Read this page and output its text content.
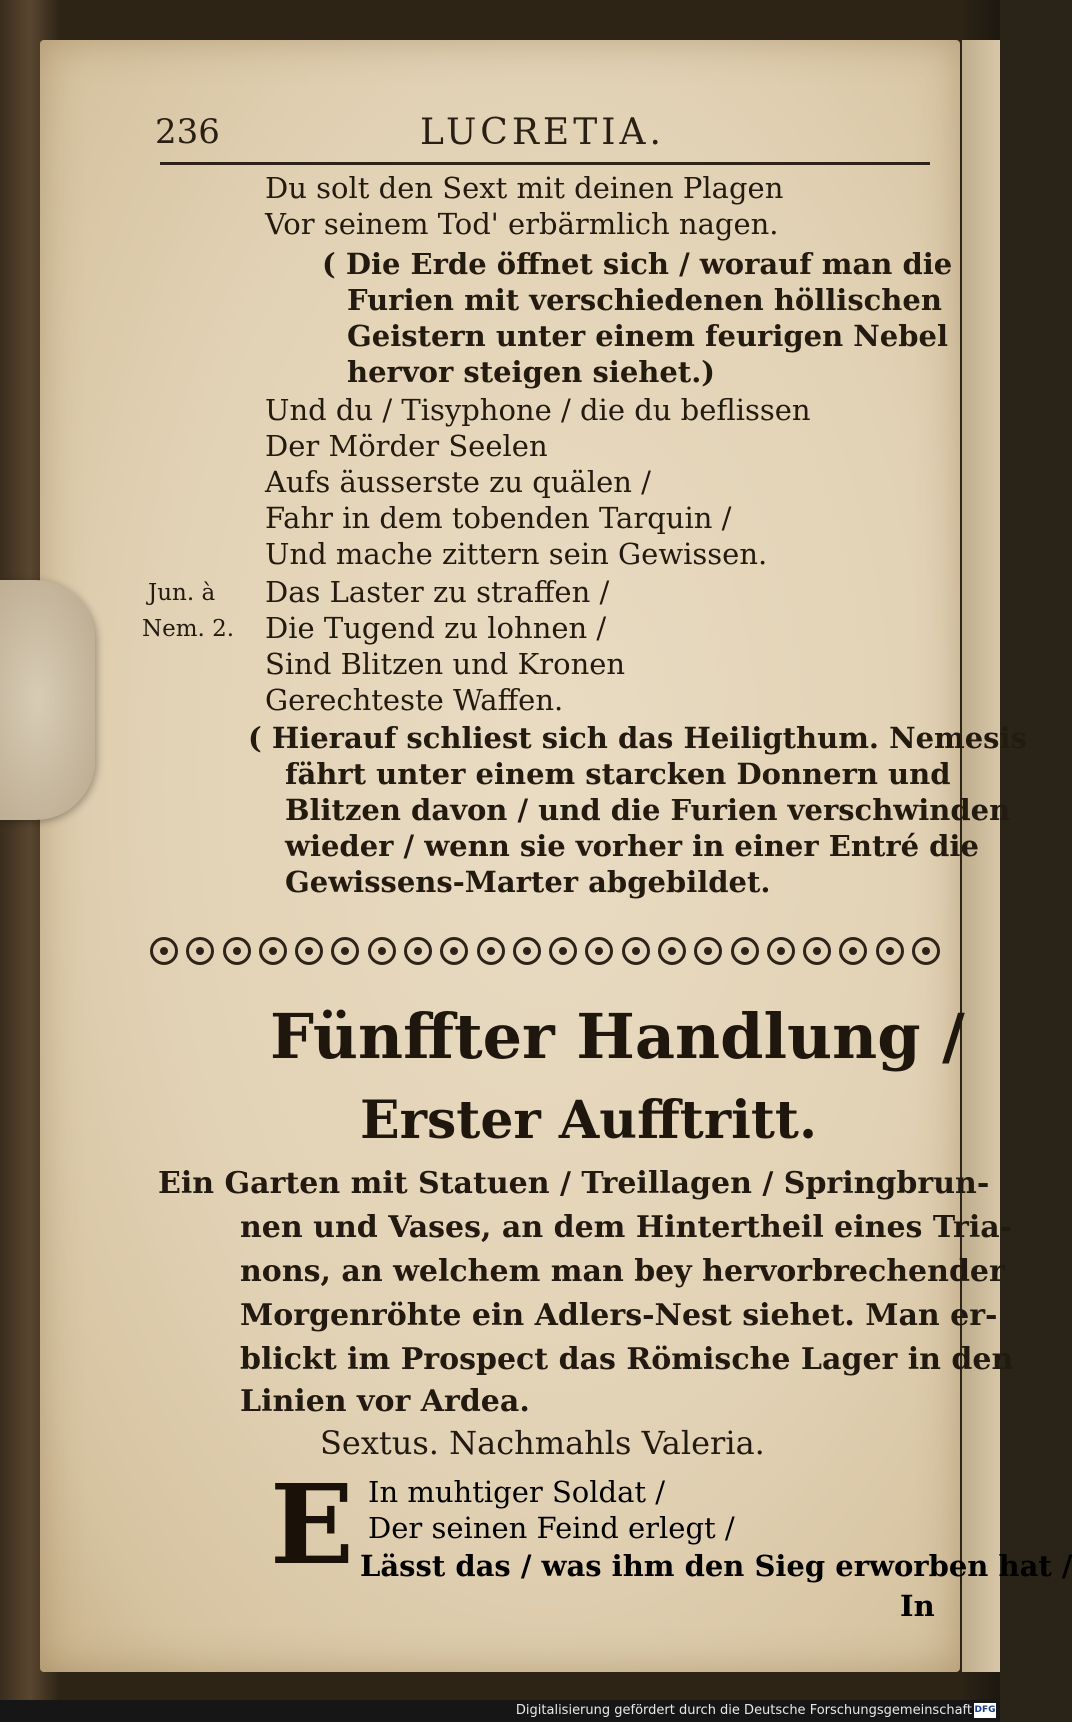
236	LUCRETIA.
Du solt den Sext mit deinen Plagen
Vor seinem Tod' erbärmlich nagen.
( Die Erde öffnet sich / worauf man die
Furien mit verschiedenen höllischen
Geistern unter einem feurigen Nebel
hervor steigen siehet.)
Und du / Tisyphone / die du beflissen
Der Mörder Seelen
Aufs äusserste zu quälen /
Fahr in dem tobenden Tarquin /
Und mache zittern sein Gewissen.
Das Laster zu straffen /
Die Tugend zu lohnen /
Sind Blitzen und Kronen
Gerechteste Waffen.
( Hierauf schliest sich das Heiligthum. Nemesis
fährt unter einem starcken Donnern und
Blitzen davon / und die Furien verschwinden
wieder / wenn sie vorher in einer Entré die
Gewissens-Marter abgebildet.
Jun. à
Nem. 2.
Fünffter Handlung /
Erster Aufftritt.
Ein Garten mit Statuen / Treillagen / Springbrun-
nen und Vases, an dem Hintertheil eines Tria-
nons, an welchem man bey hervorbrechender
Morgenröhte ein Adlers-Nest siehet. Man er-
blickt im Prospect das Römische Lager in den
Linien vor Ardea.
Sextus. Nachmahls Valeria.
E In muhtiger Soldat /
Der seinen Feind erlegt /
Lässt das / was ihm den Sieg erworben hat /
In
Digitalisierung gefördert durch die Deutsche Forschungsgemeinschaft DFG
